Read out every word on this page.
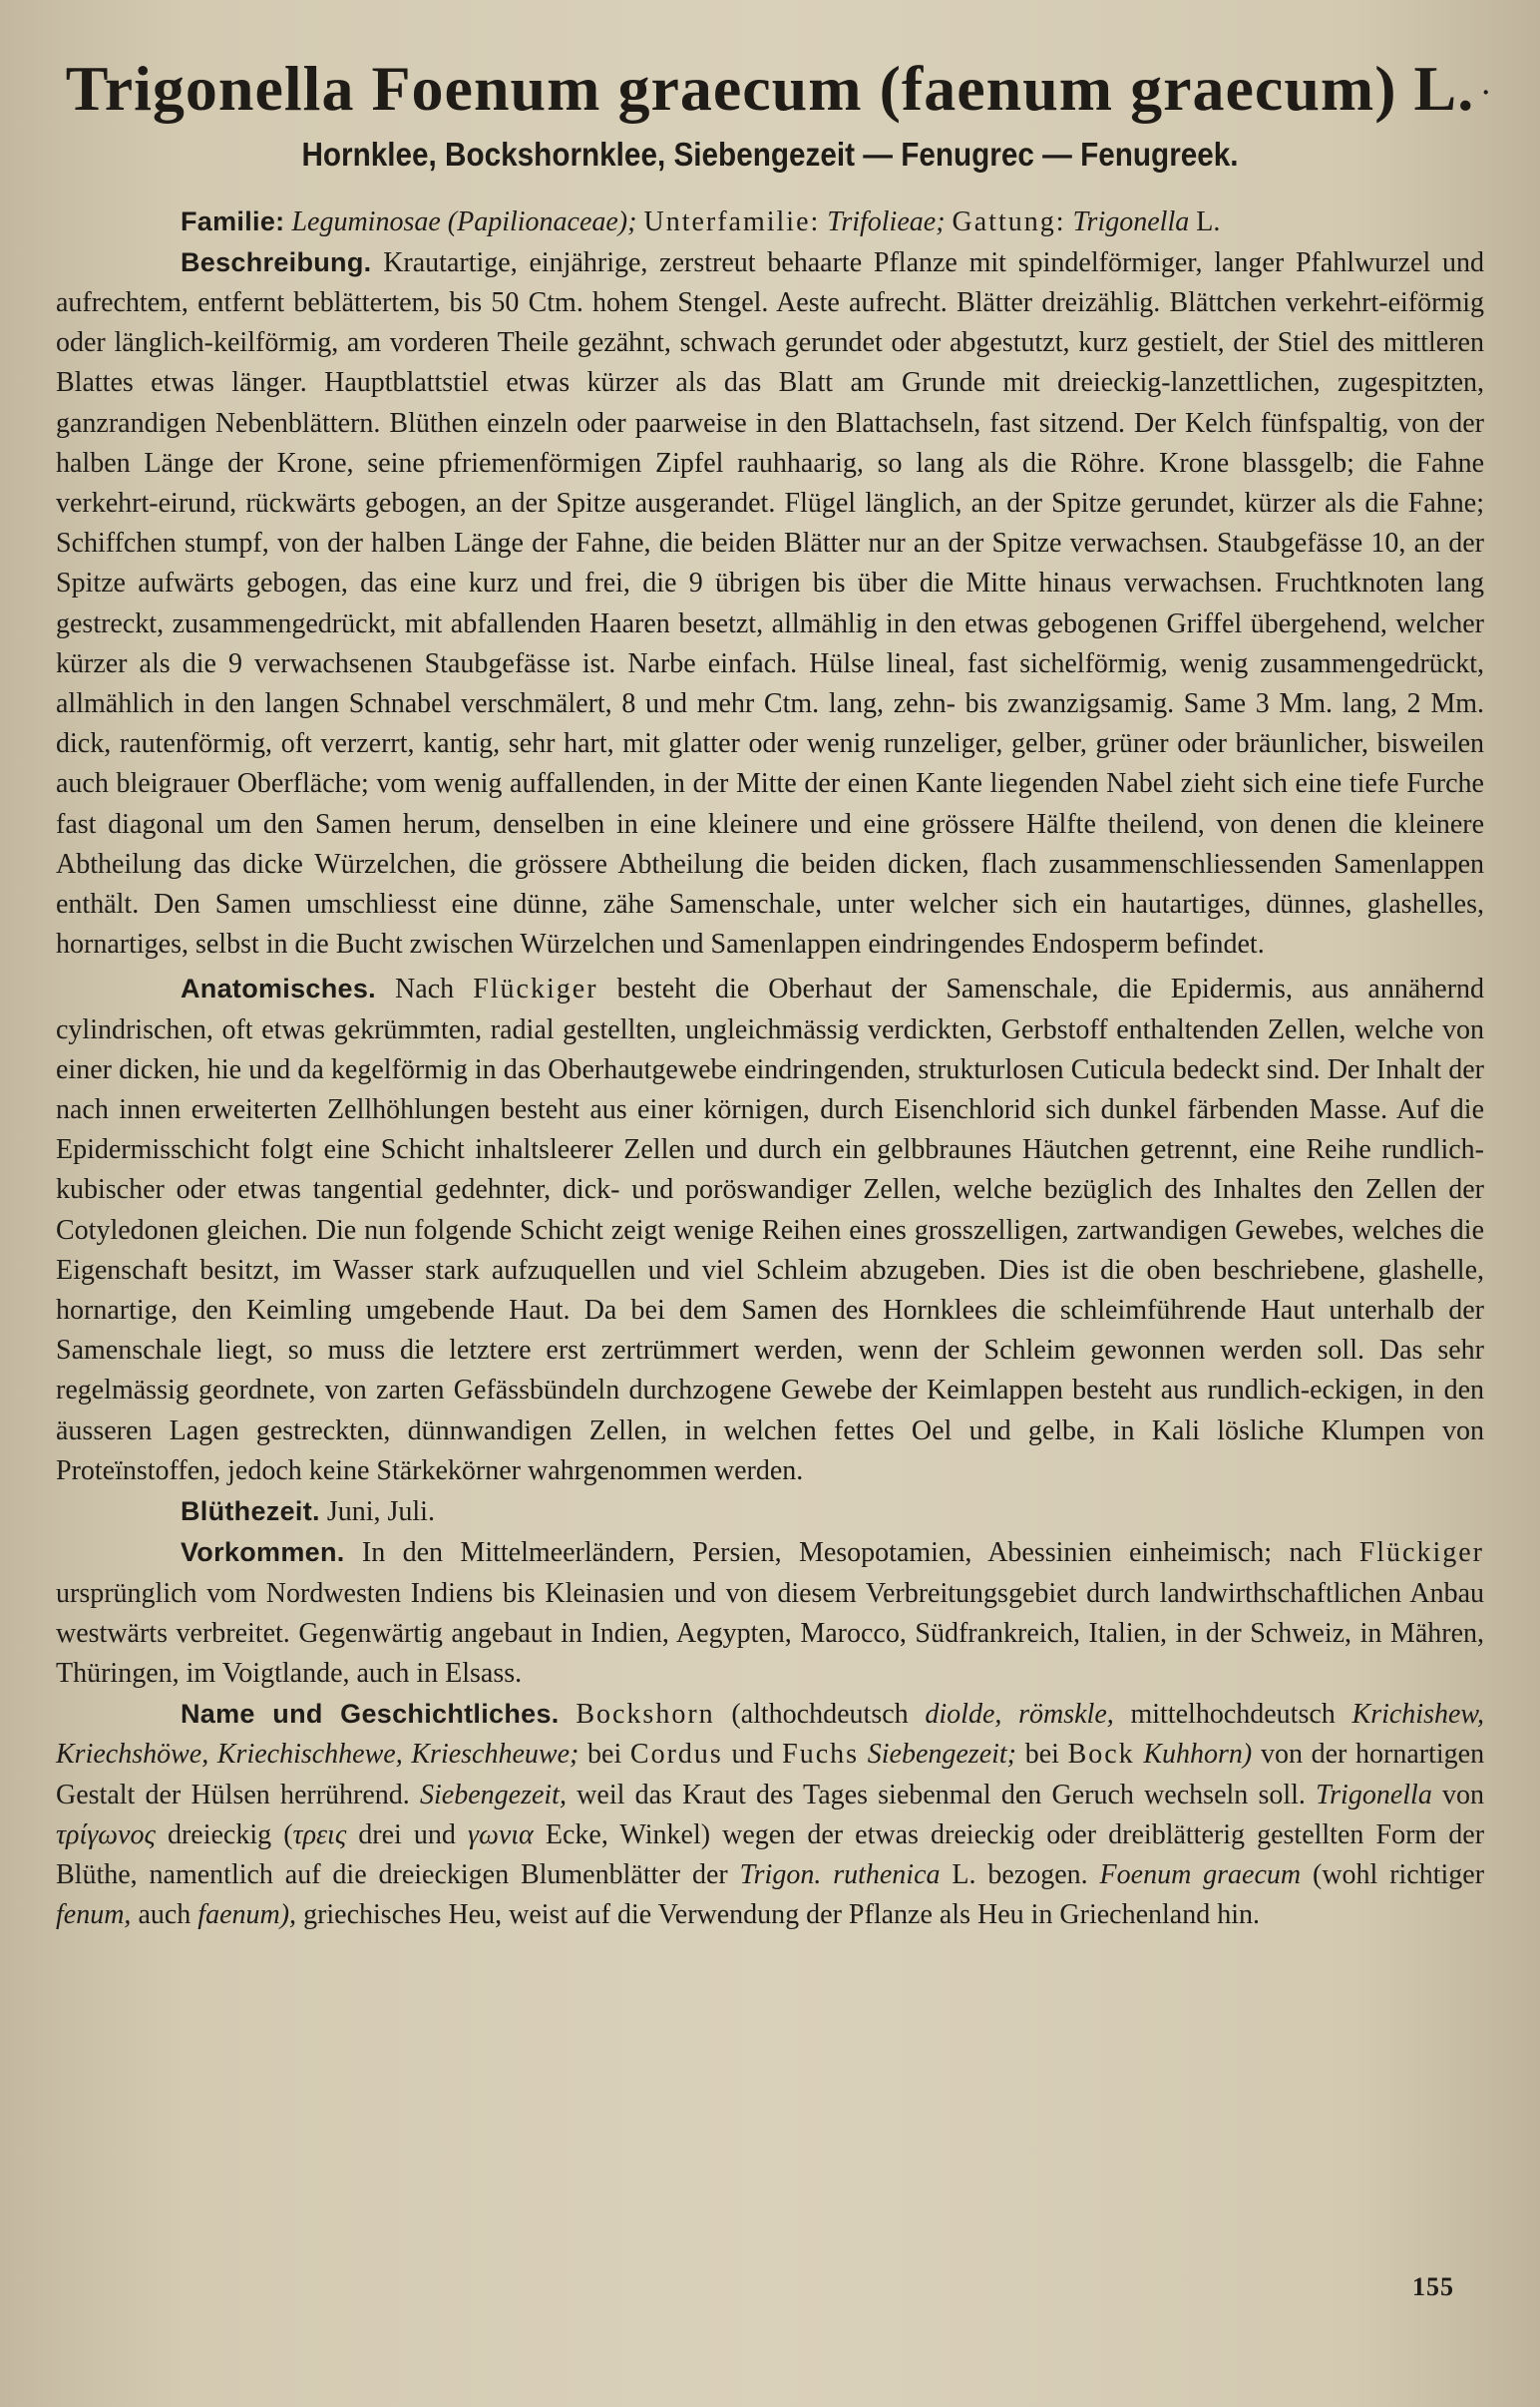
·
Trigonella Foenum graecum (faenum graecum) L.
Hornklee, Bockshornklee, Siebengezeit — Fenugrec — Fenugreek.

Familie: Leguminosae (Papilionaceae); Unterfamilie: Trifolieae; Gattung: Trigonella L.

Beschreibung. Krautartige, einjährige, zerstreut behaarte Pflanze mit spindelförmiger, langer Pfahlwurzel und aufrechtem, entfernt beblättertem, bis 50 Ctm. hohem Stengel. Aeste aufrecht. Blätter dreizählig. Blättchen verkehrt-eiförmig oder länglich-keilförmig, am vorderen Theile gezähnt, schwach gerundet oder abgestutzt, kurz gestielt, der Stiel des mittleren Blattes etwas länger. Hauptblattstiel etwas kürzer als das Blatt am Grunde mit dreieckig-lanzettlichen, zugespitzten, ganzrandigen Nebenblättern. Blüthen einzeln oder paarweise in den Blattachseln, fast sitzend. Der Kelch fünfspaltig, von der halben Länge der Krone, seine pfriemenförmigen Zipfel rauhhaarig, so lang als die Röhre. Krone blassgelb; die Fahne verkehrt-eirund, rückwärts gebogen, an der Spitze ausgerandet. Flügel länglich, an der Spitze gerundet, kürzer als die Fahne; Schiffchen stumpf, von der halben Länge der Fahne, die beiden Blätter nur an der Spitze verwachsen. Staubgefässe 10, an der Spitze aufwärts gebogen, das eine kurz und frei, die 9 übrigen bis über die Mitte hinaus verwachsen. Fruchtknoten lang gestreckt, zusammengedrückt, mit abfallenden Haaren besetzt, allmählig in den etwas gebogenen Griffel übergehend, welcher kürzer als die 9 verwachsenen Staubgefässe ist. Narbe einfach. Hülse lineal, fast sichelförmig, wenig zusammengedrückt, allmählich in den langen Schnabel verschmälert, 8 und mehr Ctm. lang, zehn- bis zwanzigsamig. Same 3 Mm. lang, 2 Mm. dick, rautenförmig, oft verzerrt, kantig, sehr hart, mit glatter oder wenig runzeliger, gelber, grüner oder bräunlicher, bisweilen auch bleigrauer Oberfläche; vom wenig auffallenden, in der Mitte der einen Kante liegenden Nabel zieht sich eine tiefe Furche fast diagonal um den Samen herum, denselben in eine kleinere und eine grössere Hälfte theilend, von denen die kleinere Abtheilung das dicke Würzelchen, die grössere Abtheilung die beiden dicken, flach zusammenschliessenden Samenlappen enthält. Den Samen umschliesst eine dünne, zähe Samenschale, unter welcher sich ein hautartiges, dünnes, glashelles, hornartiges, selbst in die Bucht zwischen Würzelchen und Samenlappen eindringendes Endosperm befindet.

Anatomisches. Nach Flückiger besteht die Oberhaut der Samenschale, die Epidermis, aus annähernd cylindrischen, oft etwas gekrümmten, radial gestellten, ungleichmässig verdickten, Gerbstoff enthaltenden Zellen, welche von einer dicken, hie und da kegelförmig in das Oberhautgewebe eindringenden, strukturlosen Cuticula bedeckt sind. Der Inhalt der nach innen erweiterten Zellhöhlungen besteht aus einer körnigen, durch Eisenchlorid sich dunkel färbenden Masse. Auf die Epidermisschicht folgt eine Schicht inhaltsleerer Zellen und durch ein gelbbraunes Häutchen getrennt, eine Reihe rundlich-kubischer oder etwas tangential gedehnter, dick- und poröswandiger Zellen, welche bezüglich des Inhaltes den Zellen der Cotyledonen gleichen. Die nun folgende Schicht zeigt wenige Reihen eines grosszelligen, zartwandigen Gewebes, welches die Eigenschaft besitzt, im Wasser stark aufzuquellen und viel Schleim abzugeben. Dies ist die oben beschriebene, glashelle, hornartige, den Keimling umgebende Haut. Da bei dem Samen des Hornklees die schleimführende Haut unterhalb der Samenschale liegt, so muss die letztere erst zertrümmert werden, wenn der Schleim gewonnen werden soll. Das sehr regelmässig geordnete, von zarten Gefässbündeln durchzogene Gewebe der Keimlappen besteht aus rundlich-eckigen, in den äusseren Lagen gestreckten, dünnwandigen Zellen, in welchen fettes Oel und gelbe, in Kali lösliche Klumpen von Proteïnstoffen, jedoch keine Stärkekörner wahrgenommen werden.

Blüthezeit. Juni, Juli.

Vorkommen. In den Mittelmeerländern, Persien, Mesopotamien, Abessinien einheimisch; nach Flückiger ursprünglich vom Nordwesten Indiens bis Kleinasien und von diesem Verbreitungsgebiet durch landwirthschaftlichen Anbau westwärts verbreitet. Gegenwärtig angebaut in Indien, Aegypten, Marocco, Südfrankreich, Italien, in der Schweiz, in Mähren, Thüringen, im Voigtlande, auch in Elsass.

Name und Geschichtliches. Bockshorn (althochdeutsch diolde, römskle, mittelhochdeutsch Krichishew, Kriechshöwe, Kriechischhewe, Krieschheuwe; bei Cordus und Fuchs Siebengezeit; bei Bock Kuhhorn) von der hornartigen Gestalt der Hülsen herrührend. Siebengezeit, weil das Kraut des Tages siebenmal den Geruch wechseln soll. Trigonella von τρίγωνος dreieckig (τρεις drei und γωνια Ecke, Winkel) wegen der etwas dreieckig oder dreiblätterig gestellten Form der Blüthe, namentlich auf die dreieckigen Blumenblätter der Trigon. ruthenica L. bezogen. Foenum graecum (wohl richtiger fenum, auch faenum), griechisches Heu, weist auf die Verwendung der Pflanze als Heu in Griechenland hin.

155
